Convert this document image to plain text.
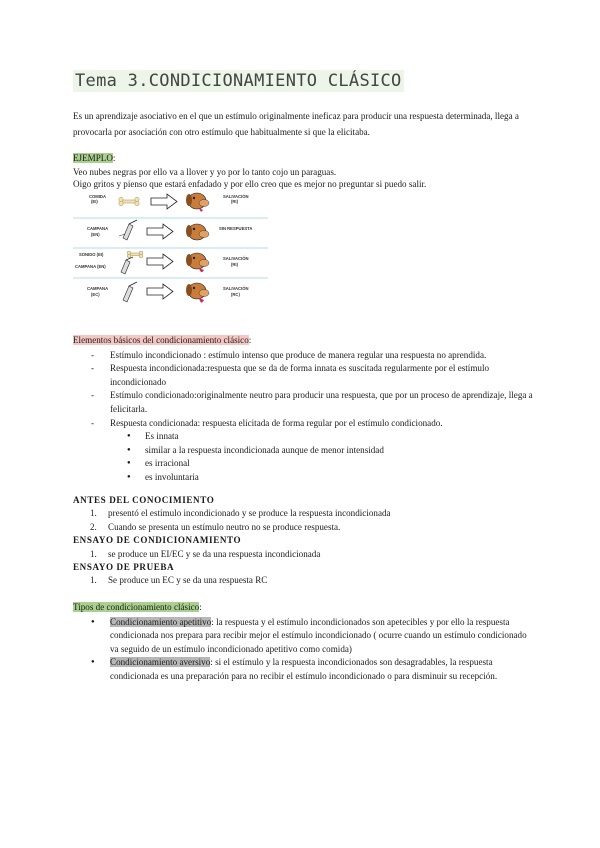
Tema 3.CONDICIONAMIENTO CLÁSICO
Es un aprendizaje asociativo en el que un estímulo originalmente ineficaz para producir una respuesta determinada, llega a provocarla por asociación con otro estímulo que habitualmente si que la elicitaba.
EJEMPLO:
Veo nubes negras por ello va a llover y yo por lo tanto cojo un paraguas.
Oigo gritos y pienso que estará enfadado y por ello creo que es mejor no preguntar si puedo salir.
COMIDA
(EI)
SALIVACIÓN
(RI)
CAMPANA
(EN)
SIN RESPUESTA
SONIDO (EI)
CAMPANA (EN)
SALIVACIÓN
(RI)
CAMPANA
(EC)
SALIVACIÓN
(RC)
Elementos básicos del condicionamiento clásico:
- Estímulo incondicionado : estímulo intenso que produce de manera regular una respuesta no aprendida.
- Respuesta incondicionada:respuesta que se da de forma innata es suscitada regularmente por el estímulo incondicionado
- Estímulo condicionado:originalmente neutro para producir una respuesta, que por un proceso de aprendizaje, llega a felicitarla.
- Respuesta condicionada: respuesta elicitada de forma regular por el estímulo condicionado.
● Es innata
● similar a la respuesta incondicionada aunque de menor intensidad
● es irracional
● es involuntaria
ANTES DEL CONOCIMIENTO
1. presentó el estímulo incondicionado y se produce la respuesta incondicionada
2. Cuando se presenta un estímulo neutro no se produce respuesta.
ENSAYO DE CONDICIONAMIENTO
1. se produce un EI/EC y se da una respuesta incondicionada
ENSAYO DE PRUEBA
1. Se produce un EC y se da una respuesta RC
Tipos de condicionamiento clásico:
● Condicionamiento apetitivo: la respuesta y el estímulo incondicionados son apetecibles y por ello la respuesta condicionada nos prepara para recibir mejor el estímulo incondicionado ( ocurre cuando un estímulo condicionado va seguido de un estímulo incondicionado apetitivo como comida)
● Condicionamiento aversivo: si el estímulo y la respuesta incondicionados son desagradables, la respuesta condicionada es una preparación para no recibir el estímulo incondicionado o para disminuir su recepción.
